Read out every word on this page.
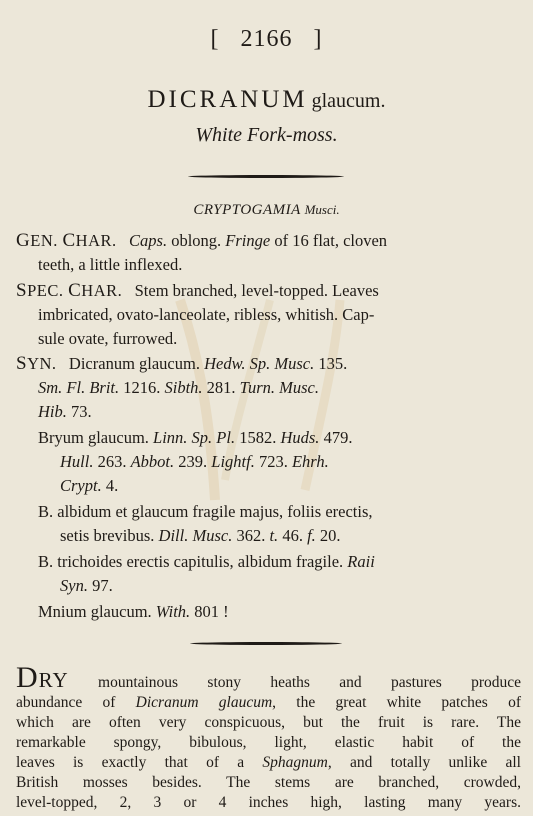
[ 2166 ]
DICRANUM glaucum.
White Fork-moss.
CRYPTOGAMIA Musci.
GEN. CHAR. Caps. oblong. Fringe of 16 flat, cloven
teeth, a little inflexed.
SPEC. CHAR. Stem branched, level-topped. Leaves
imbricated, ovato-lanceolate, ribless, whitish. Cap-
sule ovate, furrowed.
SYN. Dicranum glaucum. Hedw. Sp. Musc. 135.
Sm. Fl. Brit. 1216. Sibth. 281. Turn. Musc.
Hib. 73.
Bryum glaucum. Linn. Sp. Pl. 1582. Huds. 479.
Hull. 263. Abbot. 239. Lightf. 723. Ehrh.
Crypt. 4.
B. albidum et glaucum fragile majus, foliis erectis,
setis brevibus. Dill. Musc. 362. t. 46. f. 20.
B. trichoides erectis capitulis, albidum fragile. Raii
Syn. 97.
Mnium glaucum. With. 801 !
Dry mountainous stony heaths and pastures produce
abundance of Dicranum glaucum, the great white patches of
which are often very conspicuous, but the fruit is rare. The
remarkable spongy, bibulous, light, elastic habit of the
leaves is exactly that of a Sphagnum, and totally unlike all
British mosses besides. The stems are branched, crowded,
level-topped, 2, 3 or 4 inches high, lasting many years.
